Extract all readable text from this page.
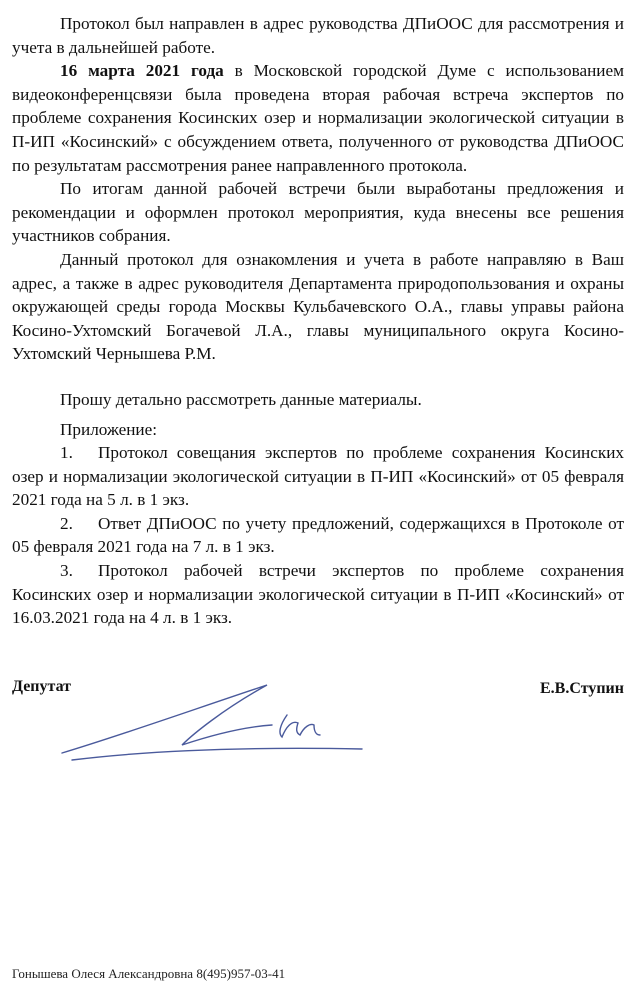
Протокол был направлен в адрес руководства ДПиООС для рассмотрения и учета в дальнейшей работе.

16 марта 2021 года в Московской городской Думе с использованием видеоконференцсвязи была проведена вторая рабочая встреча экспертов по проблеме сохранения Косинских озер и нормализации экологической ситуации в П-ИП «Косинский» с обсуждением ответа, полученного от руководства ДПиООС по результатам рассмотрения ранее направленного протокола.

По итогам данной рабочей встречи были выработаны предложения и рекомендации и оформлен протокол мероприятия, куда внесены все решения участников собрания.

Данный протокол для ознакомления и учета в работе направляю в Ваш адрес, а также в адрес руководителя Департамента природопользования и охраны окружающей среды города Москвы Кульбачевского О.А., главы управы района Косино-Ухтомский Богачевой Л.А., главы муниципального округа Косино-Ухтомский Чернышева Р.М.

Прошу детально рассмотреть данные материалы.

Приложение:

1. Протокол совещания экспертов по проблеме сохранения Косинских озер и нормализации экологической ситуации в П-ИП «Косинский» от 05 февраля 2021 года на 5 л. в 1 экз.

2. Ответ ДПиООС по учету предложений, содержащихся в Протоколе от 05 февраля 2021 года на 7 л. в 1 экз.

3. Протокол рабочей встречи экспертов по проблеме сохранения Косинских озер и нормализации экологической ситуации в П-ИП «Косинский» от 16.03.2021 года на 4 л. в 1 экз.

Депутат	Е.В.Ступин
Гонышева Олеся Александровна 8(495)957-03-41
